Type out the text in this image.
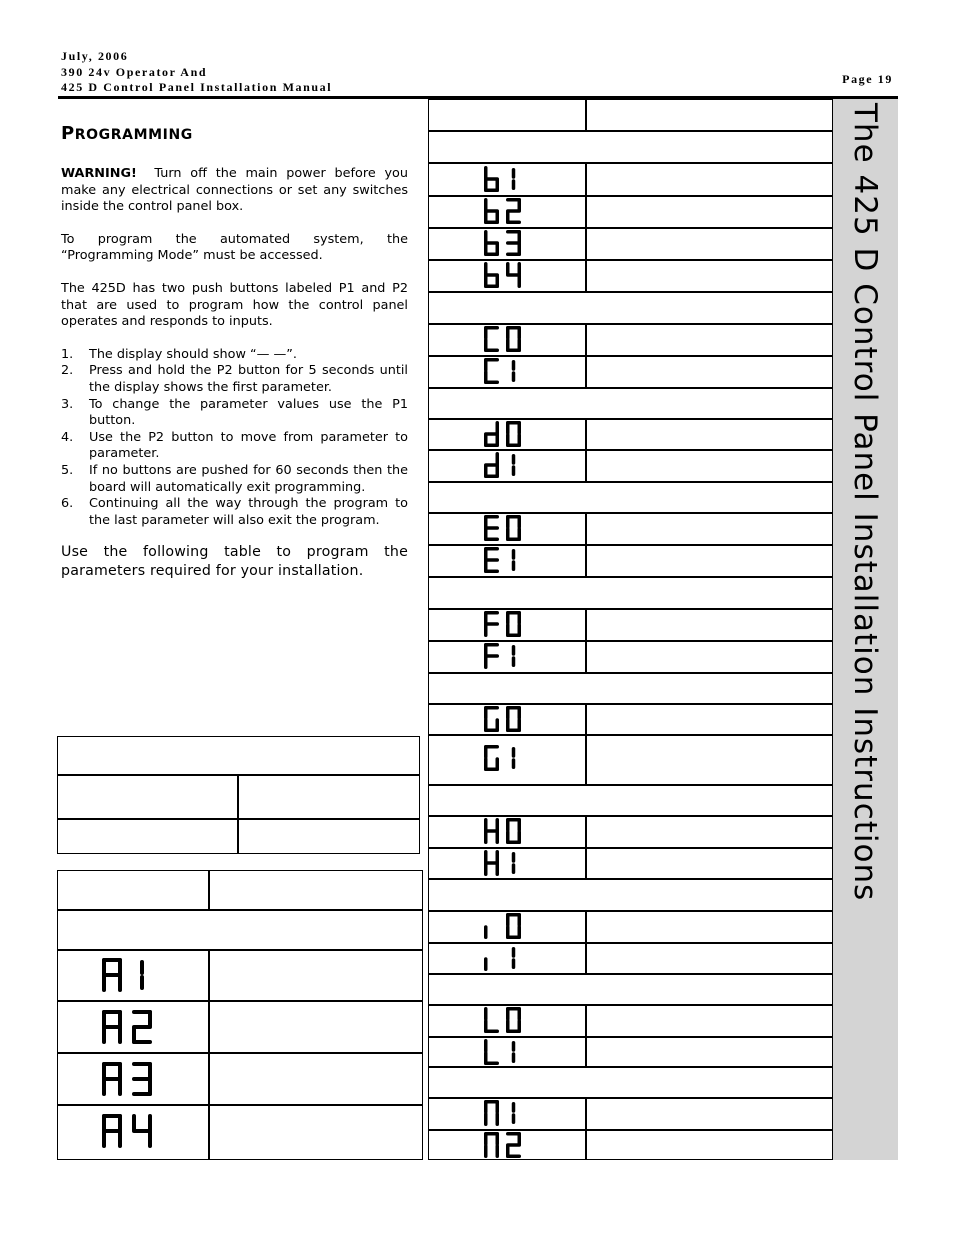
July, 2006
390 24v Operator And
425 D Control Panel Installation Manual
Page 19
The 425 D Control Panel Installation Instructions
PROGRAMMING

WARNING! Turn off the main power before you make any electrical connections or set any switches inside the control panel box.

To program the automated system, the “Programming Mode” must be accessed.

The 425D has two push buttons labeled P1 and P2 that are used to program how the control panel operates and responds to inputs.

1. The display should show “— —”.
2. Press and hold the P2 button for 5 seconds until the display shows the first parameter.
3. To change the parameter values use the P1 button.
4. Use the P2 button to move from parameter to parameter.
5. If no buttons are pushed for 60 seconds then the board will automatically exit programming.
6. Continuing all the way through the program to the last parameter will also exit the program.

Use the following table to program the parameters required for your installation.
